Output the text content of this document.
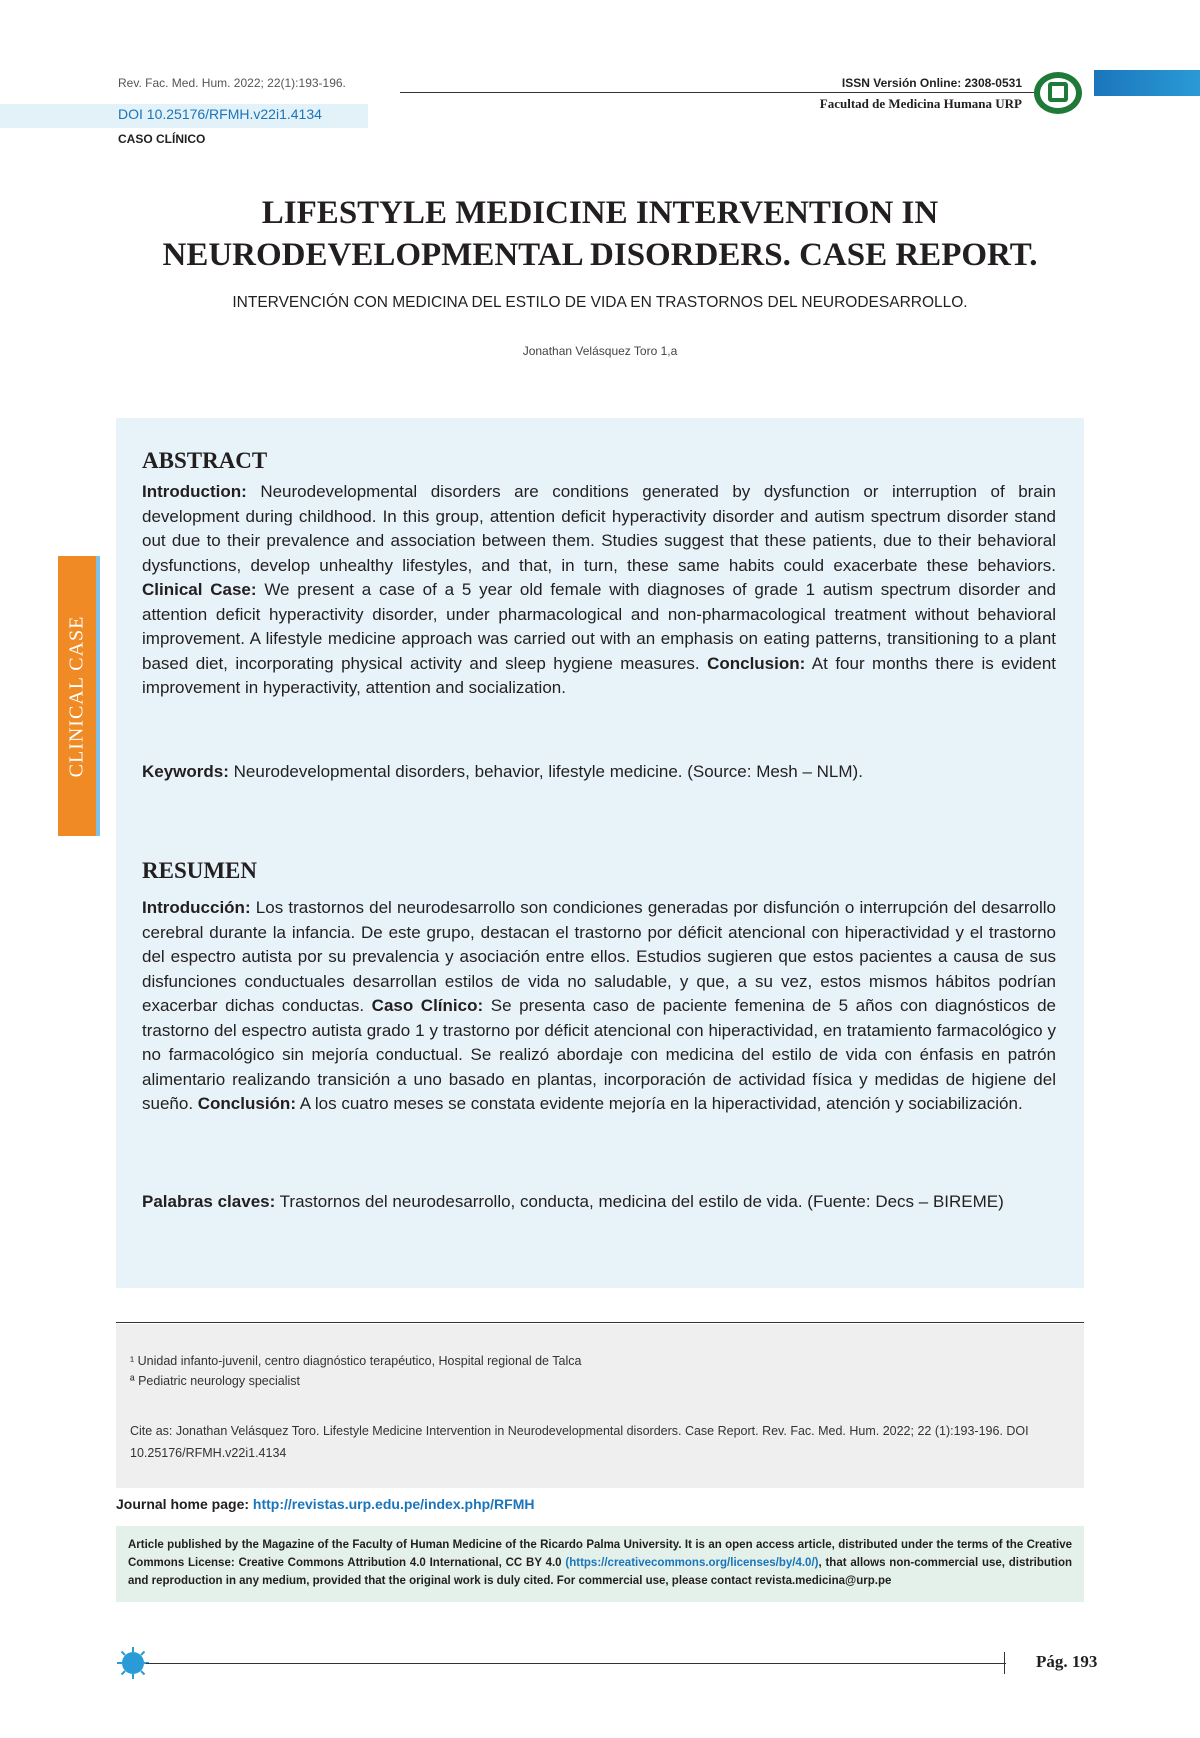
Rev. Fac. Med. Hum. 2022; 22(1):193-196.	ISSN Versión Online: 2308-0531
Facultad de Medicina Humana URP
DOI 10.25176/RFMH.v22i1.4134
CASO CLÍNICO
LIFESTYLE MEDICINE INTERVENTION IN
NEURODEVELOPMENTAL DISORDERS. CASE REPORT.
INTERVENCIÓN CON MEDICINA DEL ESTILO DE VIDA EN TRASTORNOS DEL NEURODESARROLLO.
Jonathan Velásquez Toro 1,a
CLINICAL CASE
ABSTRACT

Introduction: Neurodevelopmental disorders are conditions generated by dysfunction or interruption of brain development during childhood. In this group, attention deficit hyperactivity disorder and autism spectrum disorder stand out due to their prevalence and association between them. Studies suggest that these patients, due to their behavioral dysfunctions, develop unhealthy lifestyles, and that, in turn, these same habits could exacerbate these behaviors. Clinical Case: We present a case of a 5 year old female with diagnoses of grade 1 autism spectrum disorder and attention deficit hyperactivity disorder, under pharmacological and non-pharmacological treatment without behavioral improvement. A lifestyle medicine approach was carried out with an emphasis on eating patterns, transitioning to a plant based diet, incorporating physical activity and sleep hygiene measures. Conclusion: At four months there is evident improvement in hyperactivity, attention and socialization.

Keywords: Neurodevelopmental disorders, behavior, lifestyle medicine. (Source: Mesh – NLM).

RESUMEN

Introducción: Los trastornos del neurodesarrollo son condiciones generadas por disfunción o interrupción del desarrollo cerebral durante la infancia. De este grupo, destacan el trastorno por déficit atencional con hiperactividad y el trastorno del espectro autista por su prevalencia y asociación entre ellos. Estudios sugieren que estos pacientes a causa de sus disfunciones conductuales desarrollan estilos de vida no saludable, y que, a su vez, estos mismos hábitos podrían exacerbar dichas conductas. Caso Clínico: Se presenta caso de paciente femenina de 5 años con diagnósticos de trastorno del espectro autista grado 1 y trastorno por déficit atencional con hiperactividad, en tratamiento farmacológico y no farmacológico sin mejoría conductual. Se realizó abordaje con medicina del estilo de vida con énfasis en patrón alimentario realizando transición a uno basado en plantas, incorporación de actividad física y medidas de higiene del sueño. Conclusión: A los cuatro meses se constata evidente mejoría en la hiperactividad, atención y sociabilización.

Palabras claves: Trastornos del neurodesarrollo, conducta, medicina del estilo de vida. (Fuente: Decs – BIREME)

¹ Unidad infanto-juvenil, centro diagnóstico terapéutico, Hospital regional de Talca
ª Pediatric neurology specialist
Cite as: Jonathan Velásquez Toro. Lifestyle Medicine Intervention in Neurodevelopmental disorders. Case Report. Rev. Fac. Med. Hum. 2022; 22 (1):193-196. DOI 10.25176/RFMH.v22i1.4134
Journal home page: http://revistas.urp.edu.pe/index.php/RFMH
Article published by the Magazine of the Faculty of Human Medicine of the Ricardo Palma University. It is an open access article, distributed under the terms of the Creative Commons License: Creative Commons Attribution 4.0 International, CC BY 4.0 (https://creativecommons.org/licenses/by/4.0/), that allows non-commercial use, distribution and reproduction in any medium, provided that the original work is duly cited. For commercial use, please contact revista.medicina@urp.pe
Pág. 193
